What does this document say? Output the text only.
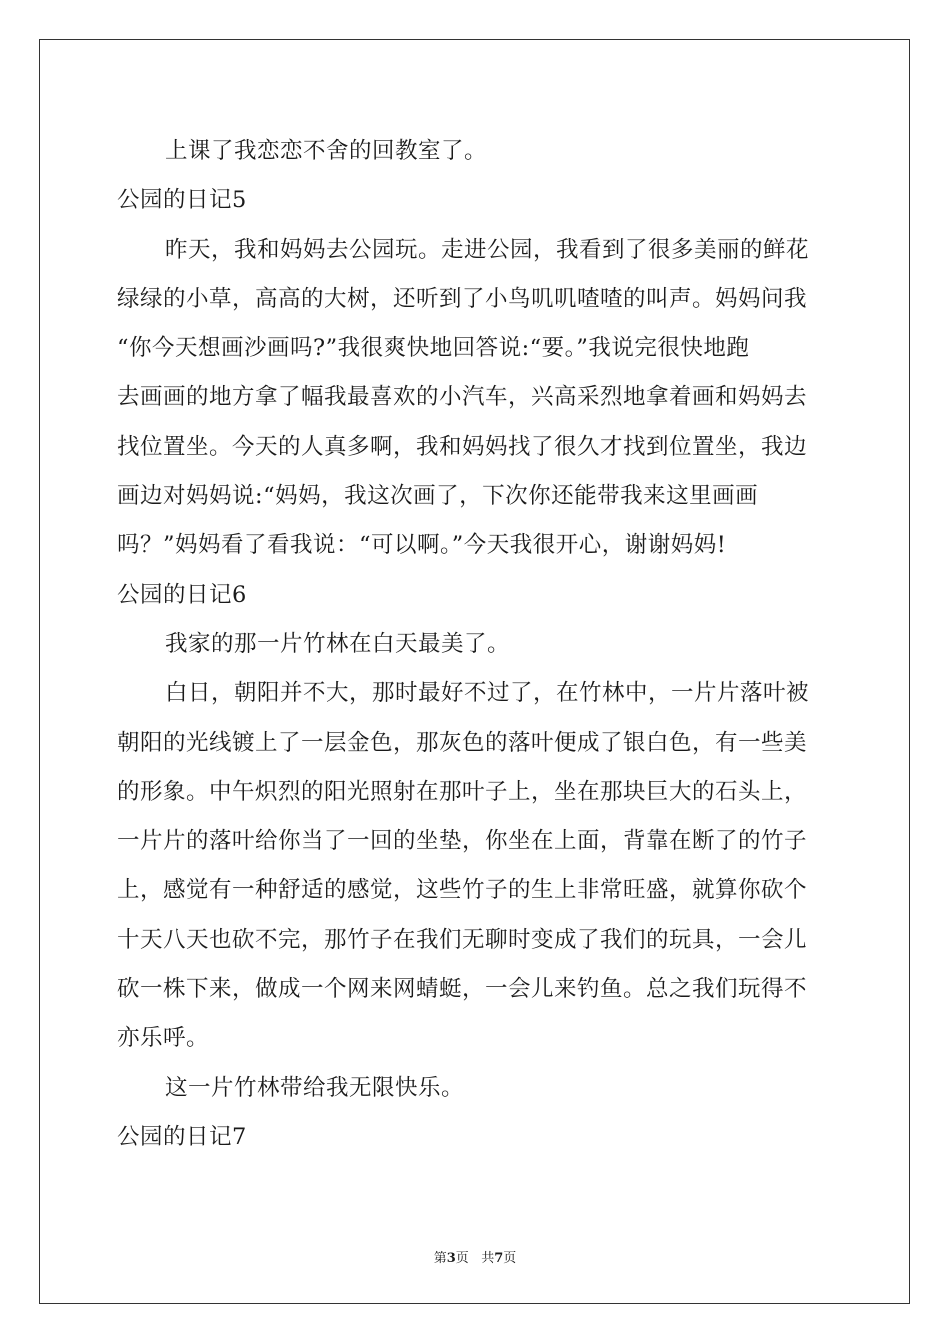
上课了我恋恋不舍的回教室了。
公园的日记5
昨天，我和妈妈去公园玩。走进公园，我看到了很多美丽的鲜花
绿绿的小草，高高的大树，还听到了小鸟叽叽喳喳的叫声。妈妈问我
“你今天想画沙画吗?”我很爽快地回答说:“要。”我说完很快地跑
去画画的地方拿了幅我最喜欢的小汽车，兴高采烈地拿着画和妈妈去
找位置坐。今天的人真多啊，我和妈妈找了很久才找到位置坐，我边
画边对妈妈说:“妈妈，我这次画了，下次你还能带我来这里画画
吗？”妈妈看了看我说：“可以啊。”今天我很开心，谢谢妈妈!
公园的日记6
我家的那一片竹林在白天最美了。
白日，朝阳并不大，那时最好不过了，在竹林中，一片片落叶被
朝阳的光线镀上了一层金色，那灰色的落叶便成了银白色，有一些美
的形象。中午炽烈的阳光照射在那叶子上，坐在那块巨大的石头上，
一片片的落叶给你当了一回的坐垫，你坐在上面，背靠在断了的竹子
上，感觉有一种舒适的感觉，这些竹子的生上非常旺盛，就算你砍个
十天八天也砍不完，那竹子在我们无聊时变成了我们的玩具，一会儿
砍一株下来，做成一个网来网蜻蜓，一会儿来钓鱼。总之我们玩得不
亦乐呼。
这一片竹林带给我无限快乐。
公园的日记7
第3页 共7页
